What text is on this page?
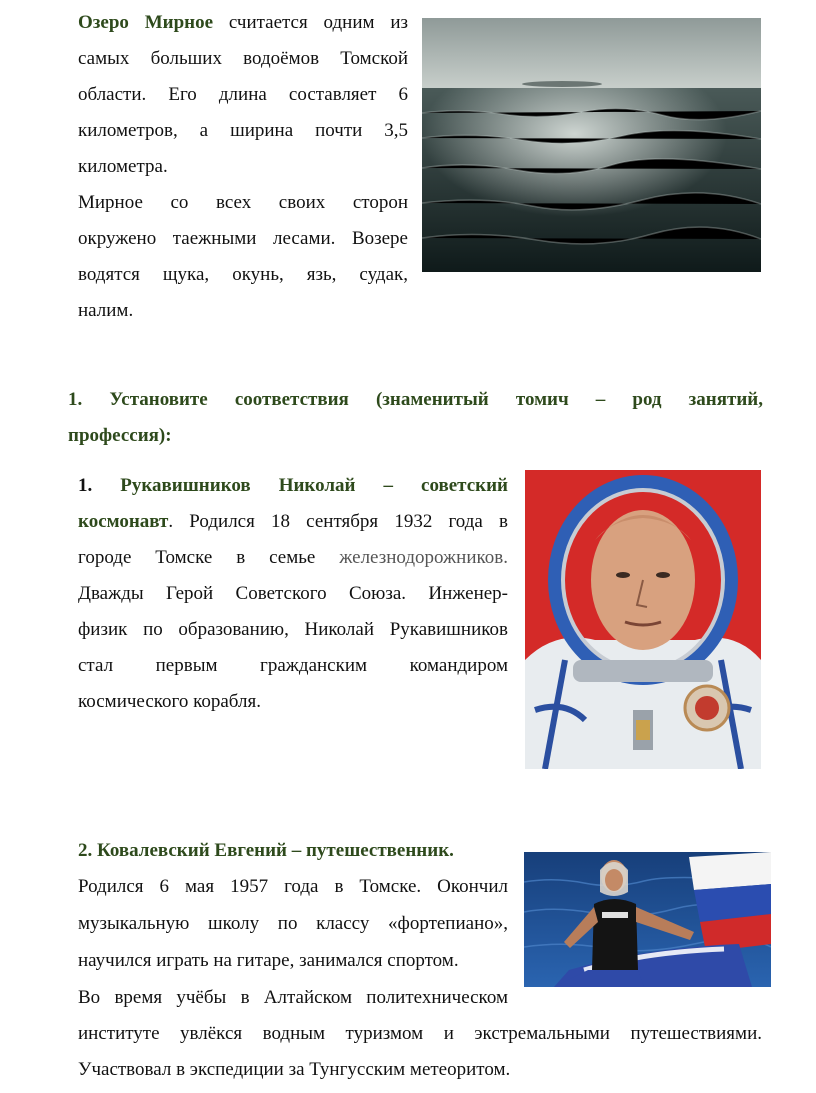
Озеро Мирное считается одним из
самых больших водоёмов Томской
области. Его длина составляет 6
километров, а ширина почти 3,5
километра.
Мирное со всех своих сторон
окружено таежными лесами. Возере
водятся щука, окунь, язь, судак,
налим.
1. Установите соответствия (знаменитый томич – род занятий,
профессия):
1. Рукавишников Николай – советский
космонавт. Родился 18 сентября 1932 года в
городе Томске в семье железнодорожников.
Дважды Герой Советского Союза. Инженер-
физик по образованию, Николай Рукавишников
стал первым гражданским командиром
космического корабля.
2. Ковалевский Евгений – путешественник.
Родился 6 мая 1957 года в Томске. Окончил
музыкальную школу по классу «фортепиано»,
научился играть на гитаре, занимался спортом.
Во время учёбы в Алтайском политехническом
институте увлёкся водным туризмом и экстремальными путешествиями.
Участвовал в экспедиции за Тунгусским метеоритом.
